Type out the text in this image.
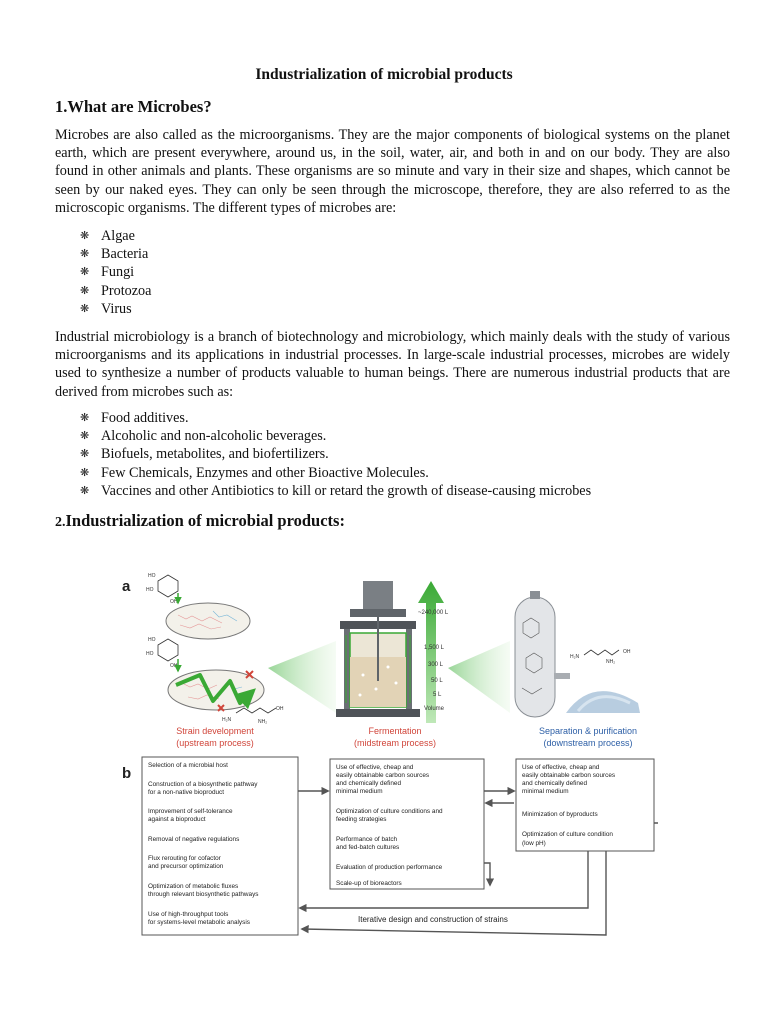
Industrialization of microbial products
1.What are Microbes?

Microbes are also called as the microorganisms. They are the major components of biological systems on the planet earth, which are present everywhere, around us, in the soil, water, air, and both in and on our body. They are also found in other animals and plants. These organisms are so minute and vary in their size and shapes, which cannot be seen by our naked eyes. They can only be seen through the microscope, therefore, they are also referred to as the microscopic organisms. The different types of microbes are:

❋ Algae
❋ Bacteria
❋ Fungi
❋ Protozoa
❋ Virus

Industrial microbiology is a branch of biotechnology and microbiology, which mainly deals with the study of various microorganisms and its applications in industrial processes. In large-scale industrial processes, microbes are widely used to synthesize a number of products valuable to human beings. There are numerous industrial products that are derived from microbes such as:

❋ Food additives.
❋ Alcoholic and non-alcoholic beverages.
❋ Biofuels, metabolites, and biofertilizers.
❋ Few Chemicals, Enzymes and other Bioactive Molecules.
❋ Vaccines and other Antibiotics to kill or retard the growth of disease-causing microbes
2.Industrialization of microbial products:
a
b
HO
HO
OH
HO
HO
OH
H₂N
OH
NH₂
~240,000 L
1,500 L
300 L
50 L
5 L
Volume
H₂N
OH
NH₂
Strain development
(upstream process)
Fermentation
(midstream process)
Separation & purification
(downstream process)
Selection of a microbial host
Construction of a biosynthetic pathway
for a non-native bioproduct
Improvement of self-tolerance
against a bioproduct
Removal of negative regulations
Flux rerouting for cofactor
and precursor optimization
Optimization of metabolic fluxes
through relevant biosynthetic pathways
Use of high-throughput tools
for systems-level metabolic analysis
Use of effective, cheap and
easily obtainable carbon sources
and chemically defined
minimal medium
Optimization of culture conditions and
feeding strategies
Performance of batch
and fed-batch cultures
Evaluation of production performance
Scale-up of bioreactors
Use of effective, cheap and
easily obtainable carbon sources
and chemically defined
minimal medium
Minimization of byproducts
Optimization of culture condition
(low pH)
Iterative design and construction of strains
